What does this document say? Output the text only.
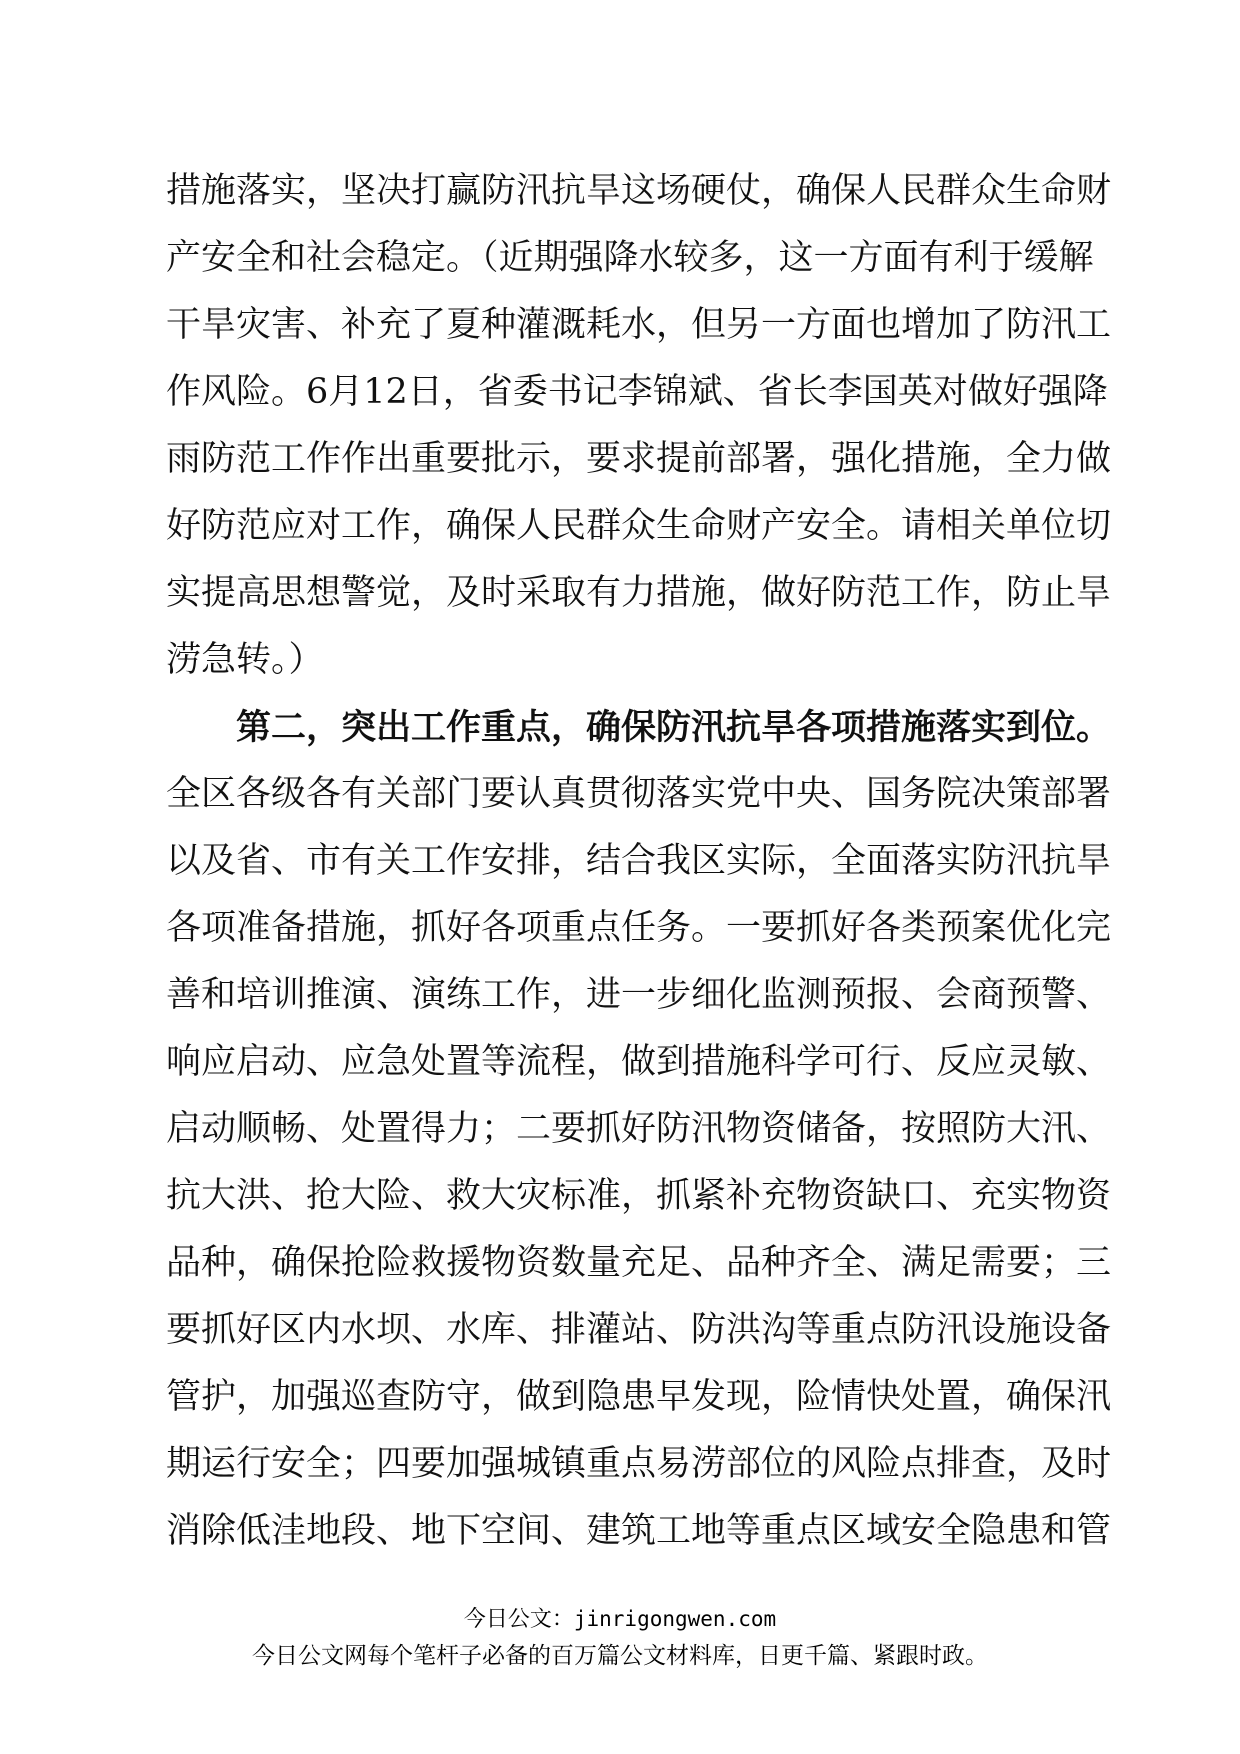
措施落实，坚决打赢防汛抗旱这场硬仗，确保人民群众生命财
产安全和社会稳定。（近期强降水较多，这一方面有利于缓解
干旱灾害、补充了夏种灌溉耗水，但另一方面也增加了防汛工
作风险。6月12日，省委书记李锦斌、省长李国英对做好强降
雨防范工作作出重要批示，要求提前部署，强化措施，全力做
好防范应对工作，确保人民群众生命财产安全。请相关单位切
实提高思想警觉，及时采取有力措施，做好防范工作，防止旱
涝急转。）
第二，突出工作重点，确保防汛抗旱各项措施落实到位。
全区各级各有关部门要认真贯彻落实党中央、国务院决策部署
以及省、市有关工作安排，结合我区实际，全面落实防汛抗旱
各项准备措施，抓好各项重点任务。一要抓好各类预案优化完
善和培训推演、演练工作，进一步细化监测预报、会商预警、
响应启动、应急处置等流程，做到措施科学可行、反应灵敏、
启动顺畅、处置得力；二要抓好防汛物资储备，按照防大汛、
抗大洪、抢大险、救大灾标准，抓紧补充物资缺口、充实物资
品种，确保抢险救援物资数量充足、品种齐全、满足需要；三
要抓好区内水坝、水库、排灌站、防洪沟等重点防汛设施设备
管护，加强巡查防守，做到隐患早发现，险情快处置，确保汛
期运行安全；四要加强城镇重点易涝部位的风险点排查，及时
消除低洼地段、地下空间、建筑工地等重点区域安全隐患和管
今日公文：jinrigongwen.com
今日公文网每个笔杆子必备的百万篇公文材料库，日更千篇、紧跟时政。
